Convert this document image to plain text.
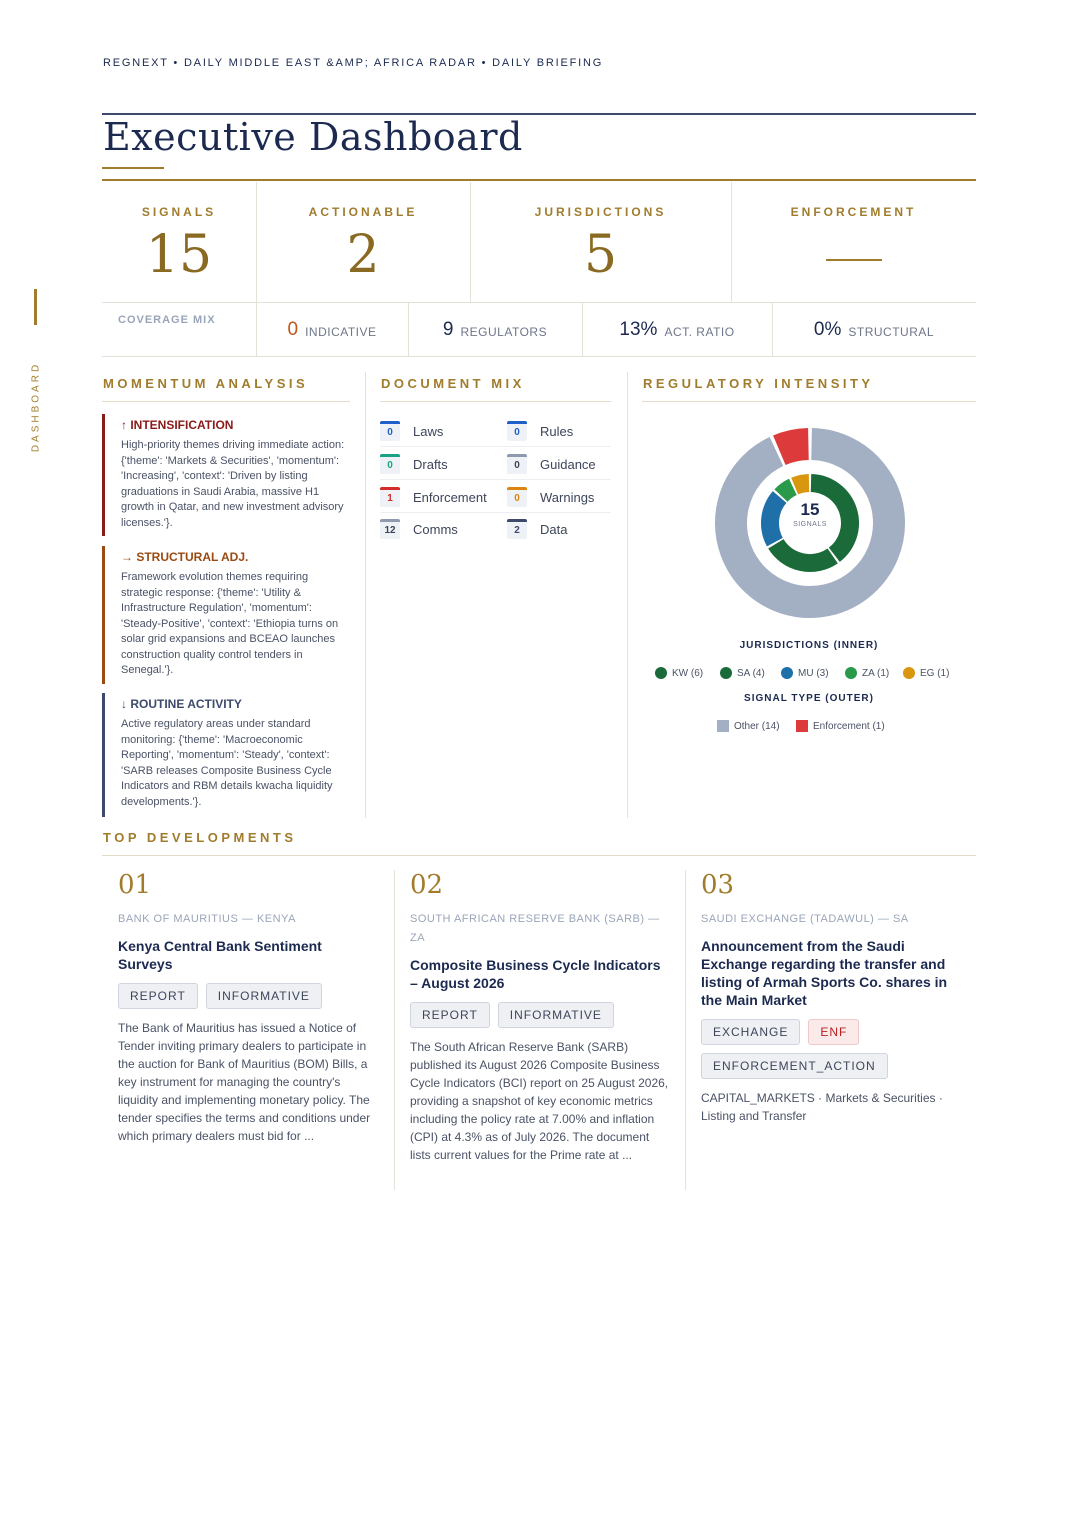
DASHBOARD
REGNEXT • DAILY MIDDLE EAST &AMP; AFRICA RADAR • DAILY BRIEFING
Executive Dashboard
SIGNALS
15
ACTIONABLE
2
JURISDICTIONS
5
ENFORCEMENT
COVERAGE MIX	0 INDICATIVE	9 REGULATORS	13% ACT. RATIO	0% STRUCTURAL
MOMENTUM ANALYSIS	DOCUMENT MIX	REGULATORY INTENSITY
↑ INTENSIFICATION
High-priority themes driving immediate action: {'theme': 'Markets & Securities', 'momentum': 'Increasing', 'context': 'Driven by listing graduations in Saudi Arabia, massive H1 growth in Qatar, and new investment advisory licenses.'}.
→ STRUCTURAL ADJ.
Framework evolution themes requiring strategic response: {'theme': 'Utility & Infrastructure Regulation', 'momentum': 'Steady-Positive', 'context': 'Ethiopia turns on solar grid expansions and BCEAO launches construction quality control tenders in Senegal.'}.
↓ ROUTINE ACTIVITY
Active regulatory areas under standard monitoring: {'theme': 'Macroeconomic Reporting', 'momentum': 'Steady', 'context': 'SARB releases Composite Business Cycle Indicators and RBM details kwacha liquidity developments.'}.
0	Laws	0	Rules
0	Drafts	0	Guidance
1	Enforcement	0	Warnings
12	Comms	2	Data
15
SIGNALS
JURISDICTIONS (INNER)
KW (6)	SA (4)	MU (3)	ZA (1)	EG (1)
SIGNAL TYPE (OUTER)
Other (14)	Enforcement (1)
TOP DEVELOPMENTS
01
BANK OF MAURITIUS — KENYA
Kenya Central Bank Sentiment Surveys
REPORT	INFORMATIVE
The Bank of Mauritius has issued a Notice of Tender inviting primary dealers to participate in the auction for Bank of Mauritius (BOM) Bills, a key instrument for managing the country's liquidity and implementing monetary policy. The tender specifies the terms and conditions under which primary dealers must bid for ...
02
SOUTH AFRICAN RESERVE BANK (SARB) — ZA
Composite Business Cycle Indicators – August 2026
REPORT	INFORMATIVE
The South African Reserve Bank (SARB) published its August 2026 Composite Business Cycle Indicators (BCI) report on 25 August 2026, providing a snapshot of key economic metrics including the policy rate at 7.00% and inflation (CPI) at 4.3% as of July 2026. The document lists current values for the Prime rate at ...
03
SAUDI EXCHANGE (TADAWUL) — SA
Announcement from the Saudi Exchange regarding the transfer and listing of Armah Sports Co. shares in the Main Market
EXCHANGE	ENF
ENFORCEMENT_ACTION
CAPITAL_MARKETS · Markets & Securities · Listing and Transfer
